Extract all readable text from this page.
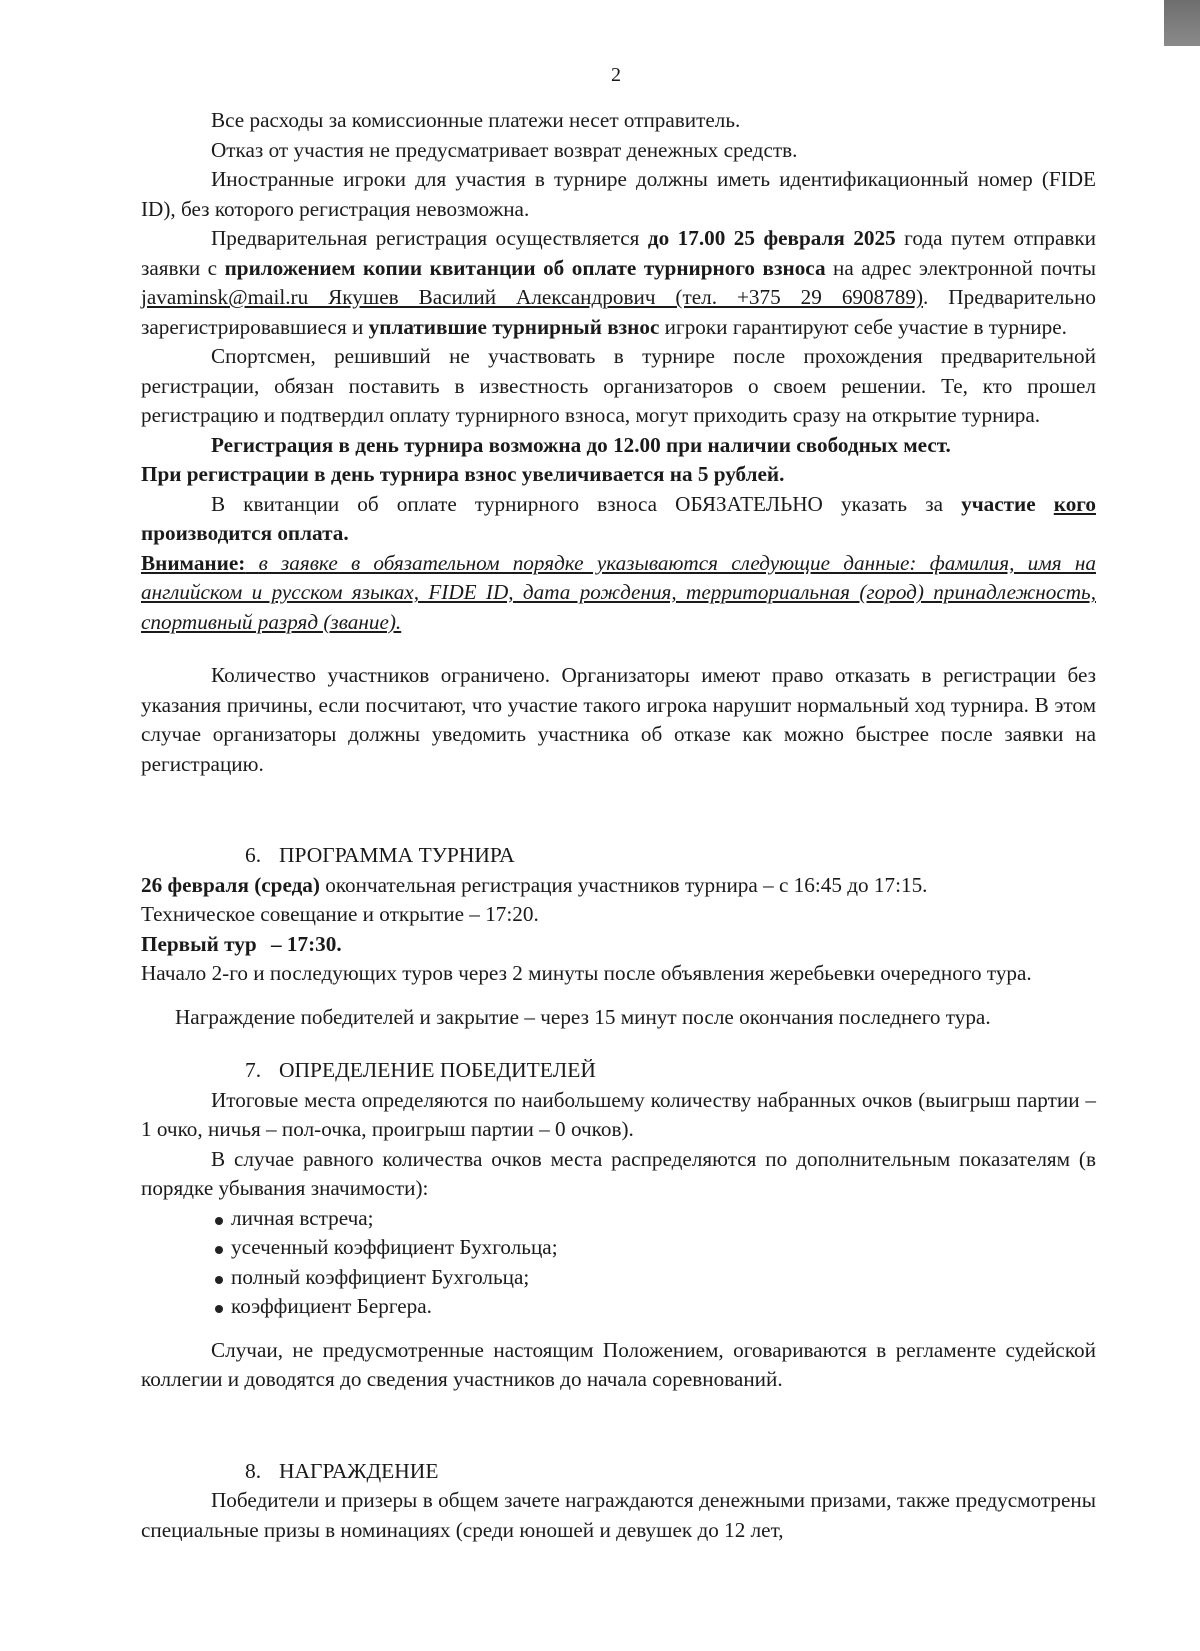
2

Все расходы за комиссионные платежи несет отправитель.

Отказ от участия не предусматривает возврат денежных средств.

Иностранные игроки для участия в турнире должны иметь идентификационный номер (FIDE ID), без которого регистрация невозможна.

Предварительная регистрация осуществляется до 17.00 25 февраля 2025 года путем отправки заявки с приложением копии квитанции об оплате турнирного взноса на адрес электронной почты javaminsk@mail.ru Якушев Василий Александрович (тел. +375 29 6908789). Предварительно зарегистрировавшиеся и уплатившие турнирный взнос игроки гарантируют себе участие в турнире.

Спортсмен, решивший не участвовать в турнире после прохождения предварительной регистрации, обязан поставить в известность организаторов о своем решении. Те, кто прошел регистрацию и подтвердил оплату турнирного взноса, могут приходить сразу на открытие турнира.

Регистрация в день турнира возможна до 12.00 при наличии свободных мест.

При регистрации в день турнира взнос увеличивается на 5 рублей.

В квитанции об оплате турнирного взноса ОБЯЗАТЕЛЬНО указать за участие кого производится оплата.

Внимание: в заявке в обязательном порядке указываются следующие данные: фамилия, имя на английском и русском языках, FIDE ID, дата рождения, территориальная (город) принадлежность, спортивный разряд (звание).

Количество участников ограничено. Организаторы имеют право отказать в регистрации без указания причины, если посчитают, что участие такого игрока нарушит нормальный ход турнира. В этом случае организаторы должны уведомить участника об отказе как можно быстрее после заявки на регистрацию.

6. ПРОГРАММА ТУРНИРА

26 февраля (среда) окончательная регистрация участников турнира – с 16:45 до 17:15.

Техническое совещание и открытие – 17:20.

Первый тур – 17:30.

Начало 2-го и последующих туров через 2 минуты после объявления жеребьевки очередного тура.

Награждение победителей и закрытие – через 15 минут после окончания последнего тура.

7. ОПРЕДЕЛЕНИЕ ПОБЕДИТЕЛЕЙ

Итоговые места определяются по наибольшему количеству набранных очков (выигрыш партии – 1 очко, ничья – пол-очка, проигрыш партии – 0 очков).

В случае равного количества очков места распределяются по дополнительным показателям (в порядке убывания значимости):

личная встреча;
усеченный коэффициент Бухгольца;
полный коэффициент Бухгольца;
коэффициент Бергера.

Случаи, не предусмотренные настоящим Положением, оговариваются в регламенте судейской коллегии и доводятся до сведения участников до начала соревнований.

8. НАГРАЖДЕНИЕ

Победители и призеры в общем зачете награждаются денежными призами, также предусмотрены специальные призы в номинациях (среди юношей и девушек до 12 лет,
